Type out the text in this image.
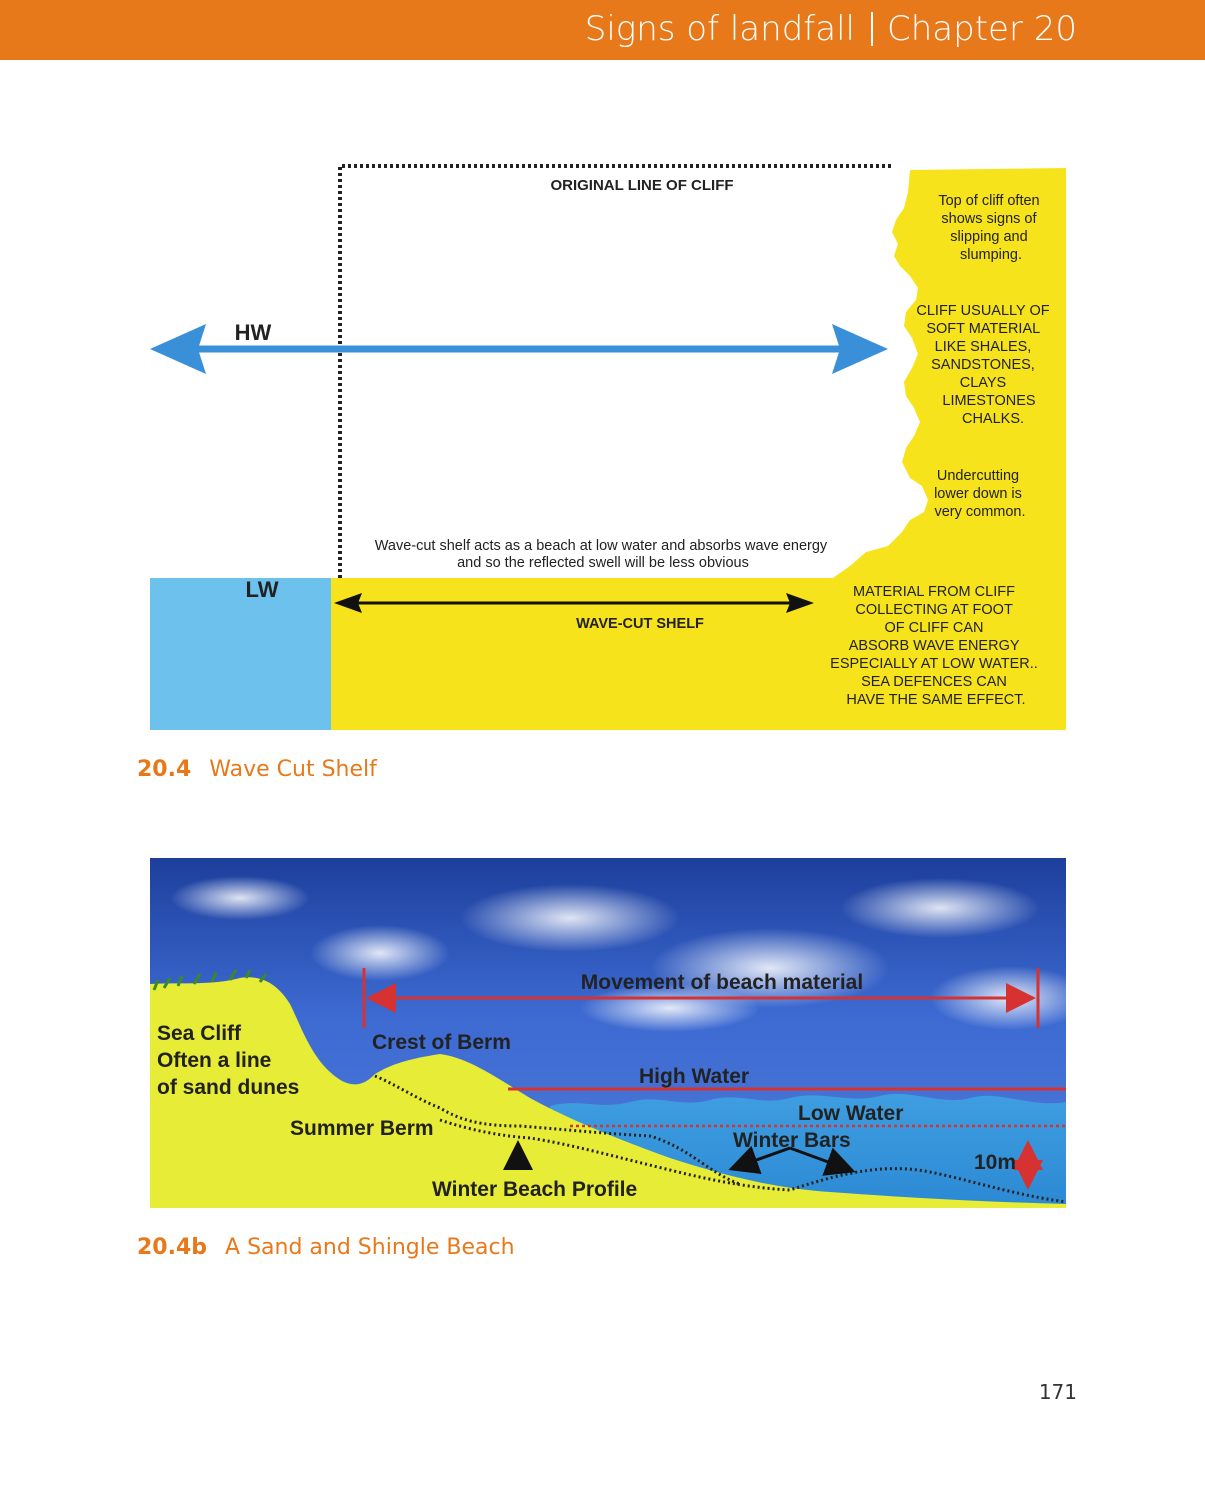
Signs of landfall Chapter 20
ORIGINAL LINE OF CLIFF
HW
LW
Top of cliff often shows signs of slipping and slumping.
CLIFF USUALLY OF SOFT MATERIAL LIKE SHALES, SANDSTONES, CLAYS LIMESTONES CHALKS.
Undercutting lower down is very common.
Wave-cut shelf acts as a beach at low water and absorbs wave energy and so the reflected swell will be less obvious
WAVE-CUT SHELF
MATERIAL FROM CLIFF COLLECTING AT FOOT OF CLIFF CAN ABSORB WAVE ENERGY ESPECIALLY AT LOW WATER.. SEA DEFENCES CAN HAVE THE SAME EFFECT.
20.4 Wave Cut Shelf
Movement of beach material
Sea Cliff Often a line of sand dunes
Crest of Berm
High Water
Low Water
Summer Berm
Winter Bars
10m
Winter Beach Profile
20.4b A Sand and Shingle Beach
171
